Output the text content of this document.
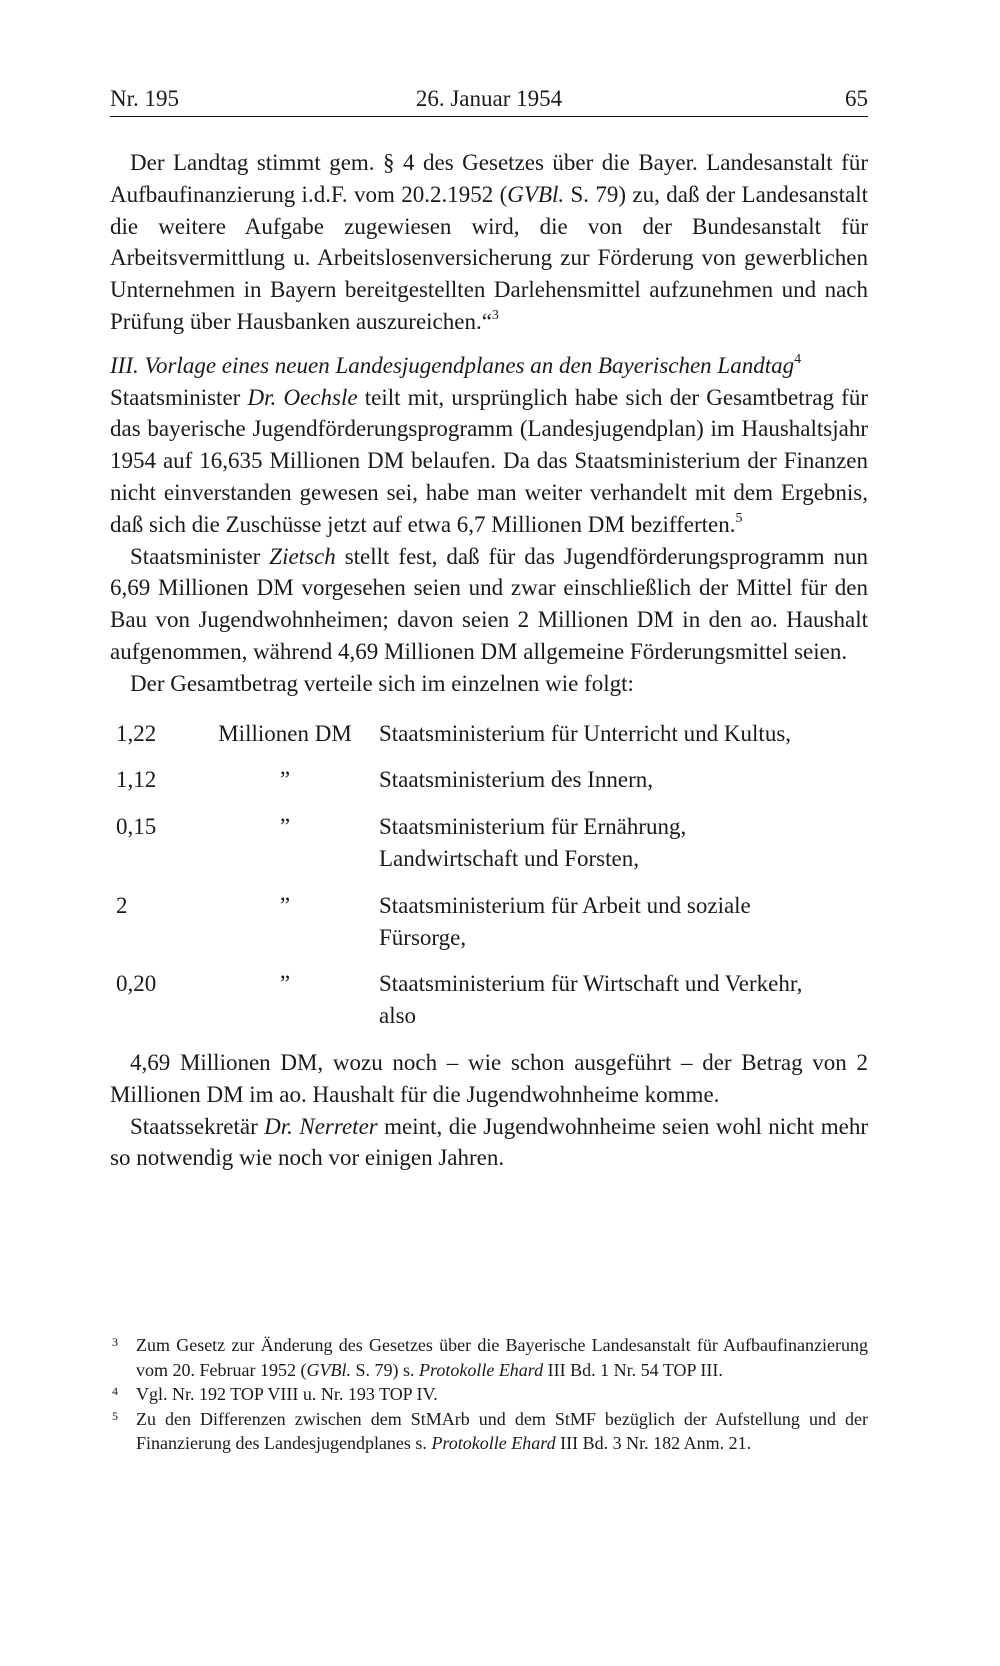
Nr. 195	26. Januar 1954	65

Der Landtag stimmt gem. § 4 des Gesetzes über die Bayer. Landesanstalt für Aufbaufinanzierung i.d.F. vom 20.2.1952 (GVBl. S. 79) zu, daß der Landesanstalt die weitere Aufgabe zugewiesen wird, die von der Bundesanstalt für Arbeitsvermittlung u. Arbeitslosenversicherung zur Förderung von gewerblichen Unternehmen in Bayern bereitgestellten Darlehensmittel aufzunehmen und nach Prüfung über Hausbanken auszureichen.“$^3$

III. Vorlage eines neuen Landesjugendplanes an den Bayerischen Landtag$^4$

Staatsminister Dr. Oechsle teilt mit, ursprünglich habe sich der Gesamtbetrag für das bayerische Jugendförderungsprogramm (Landesjugendplan) im Haushaltsjahr 1954 auf 16,635 Millionen DM belaufen. Da das Staatsministerium der Finanzen nicht einverstanden gewesen sei, habe man weiter verhandelt mit dem Ergebnis, daß sich die Zuschüsse jetzt auf etwa 6,7 Millionen DM bezifferten.$^5$

Staatsminister Zietsch stellt fest, daß für das Jugendförderungsprogramm nun 6,69 Millionen DM vorgesehen seien und zwar einschließlich der Mittel für den Bau von Jugendwohnheimen; davon seien 2 Millionen DM in den ao. Haushalt aufgenommen, während 4,69 Millionen DM allgemeine Förderungsmittel seien.

Der Gesamtbetrag verteile sich im einzelnen wie folgt:

1,22	Millionen DM	Staatsministerium für Unterricht und Kultus,
1,12	”	Staatsministerium des Innern,
0,15	”	Staatsministerium für Ernährung, Landwirtschaft und Forsten,
2	”	Staatsministerium für Arbeit und soziale Fürsorge,
0,20	”	Staatsministerium für Wirtschaft und Verkehr, also

4,69 Millionen DM, wozu noch – wie schon ausgeführt – der Betrag von 2 Millionen DM im ao. Haushalt für die Jugendwohnheime komme.

Staatssekretär Dr. Nerreter meint, die Jugendwohnheime seien wohl nicht mehr so notwendig wie noch vor einigen Jahren.

3	Zum Gesetz zur Änderung des Gesetzes über die Bayerische Landesanstalt für Aufbaufinanzierung vom 20. Februar 1952 (GVBl. S. 79) s. Protokolle Ehard III Bd. 1 Nr. 54 TOP III.
4	Vgl. Nr. 192 TOP VIII u. Nr. 193 TOP IV.
5	Zu den Differenzen zwischen dem StMArb und dem StMF bezüglich der Aufstellung und der Finanzierung des Landesjugendplanes s. Protokolle Ehard III Bd. 3 Nr. 182 Anm. 21.
